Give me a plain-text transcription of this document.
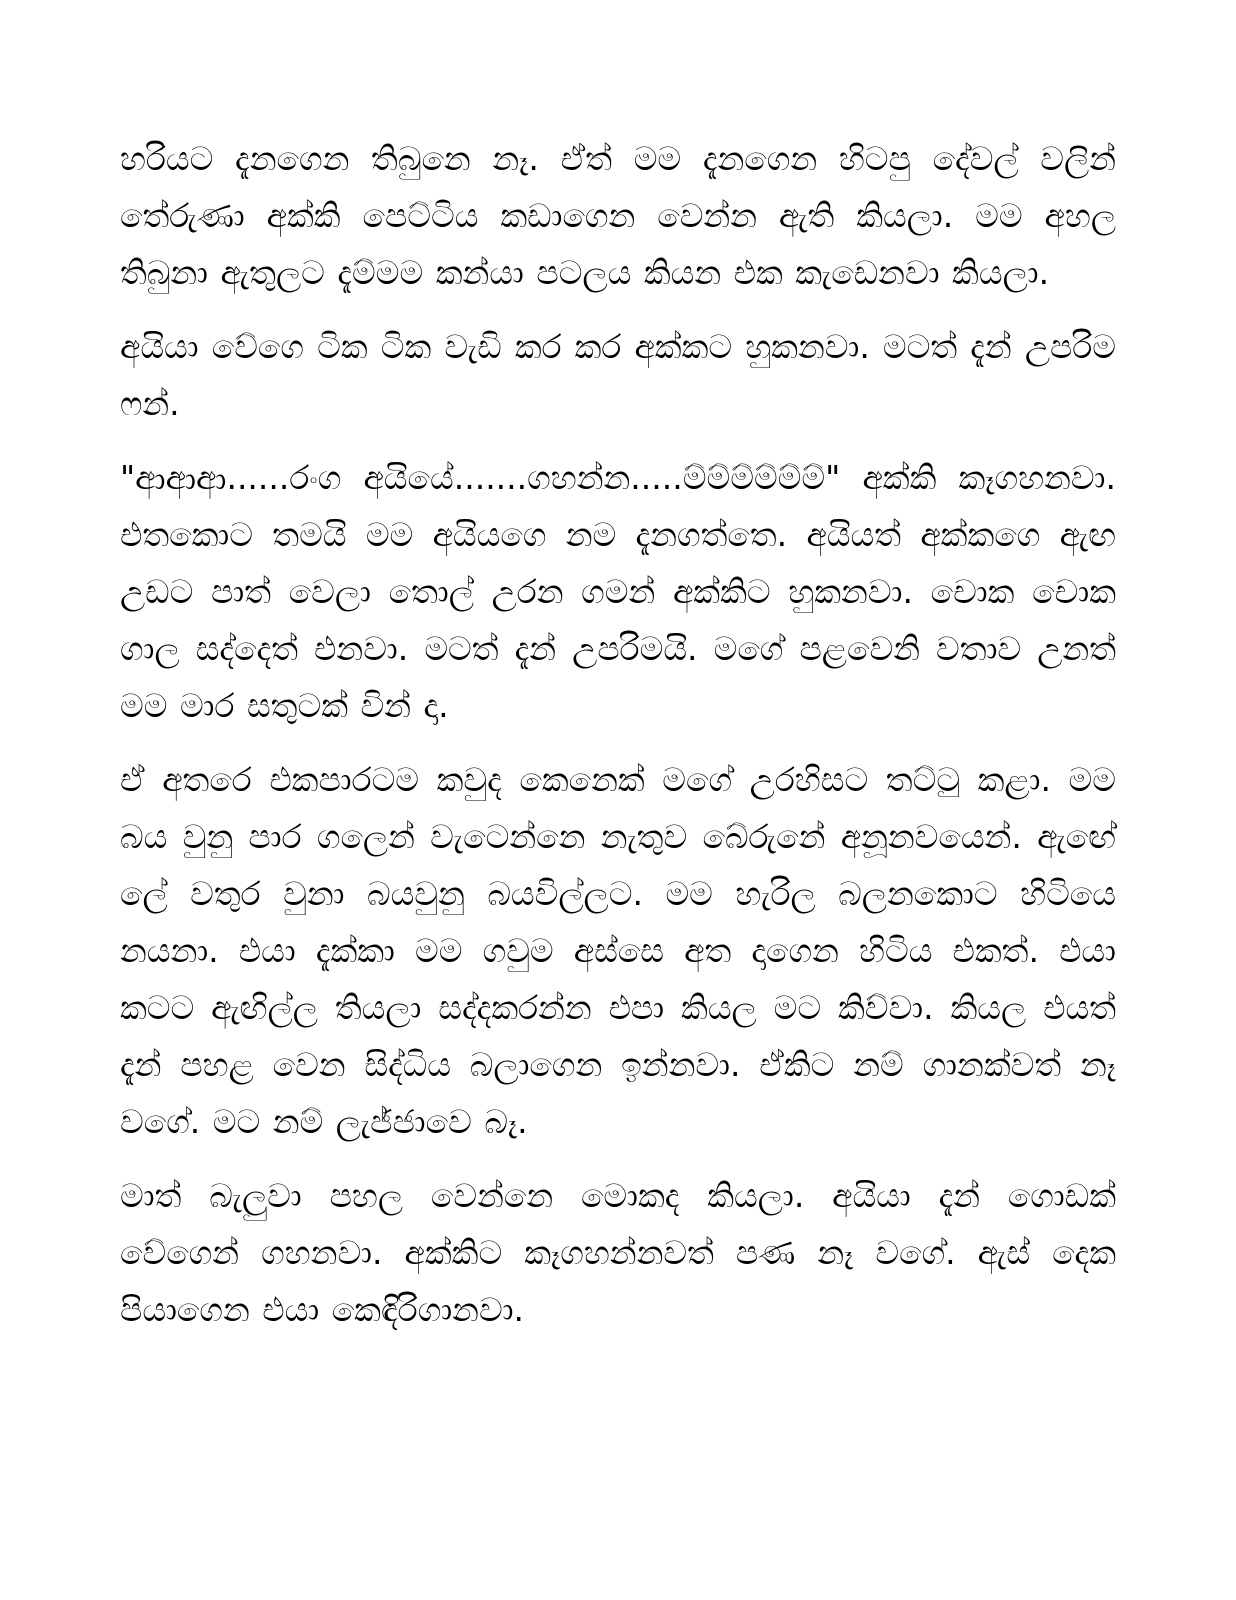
හරියට දැනගෙන තිබුනෙ නෑ. ඒත් මම දැනගෙන හිටපු දේවල් වලින් තේරුණා අක්කි පෙට්ටිය කඩාගෙන වෙන්න ඇති කියලා. මම අහල තිබුනා ඇතුලට දැම්මම කන්යා පටලය කියන එක කැඩෙනවා කියලා.

අයියා වේගෙ ටික ටික වැඩි කර කර අක්කට හුකනවා. මටත් දැන් උපරිම ෆන්.

"ආආආ......රංග අයියේ.......ගහන්න.....ම්ම්ම්ම්ම්ම්" අක්කි කෑගහනවා. එතකොට තමයි මම අයියගෙ නම දැනගත්තෙ. අයියත් අක්කගෙ ඇඟ උඩට පාත් වෙලා තොල් උරන ගමන් අක්කිට හුකනවා. චොක චොක ගාල සද්දෙත් එනවා. මටත් දැන් උපරිමයි. මගේ පළවෙනි වතාව උනත් මම මාර සතුටක් වින් දා.

ඒ අතරෙ එකපාරටම කවුද කෙනෙක් මගේ උරහිසට තට්ටු කළා. මම බය වුනු පාර ගලෙන් වැටෙන්නෙ නැතුව බේරුනේ අනූනවයෙන්. ඇඟේ ලේ වතුර වුනා බයවුනු බයවිල්ලට. මම හැරිල බලනකොට හිටියෙ නයනා. එයා දැක්කා මම ගවුම අස්සෙ අත දාගෙන හිටිය එකත්. එයා කටට ඇඟිල්ල තියලා සද්දකරන්න එපා කියල මට කිව්වා. කියල එයත් දැන් පහළ වෙන සිද්ධිය බලාගෙන ඉන්නවා. ඒකිට නම් ගානක්වත් නෑ වගේ. මට නම් ලැජ්ජාවෙ බෑ.

මාත් බැලුවා පහල වෙන්නෙ මොකද කියලා. අයියා දැන් ගොඩක් වේගෙන් ගහනවා. අක්කිට කෑගහන්නවත් පණ නෑ වගේ. ඇස් දෙක පියාගෙන එයා කෙඳිරිගානවා.
